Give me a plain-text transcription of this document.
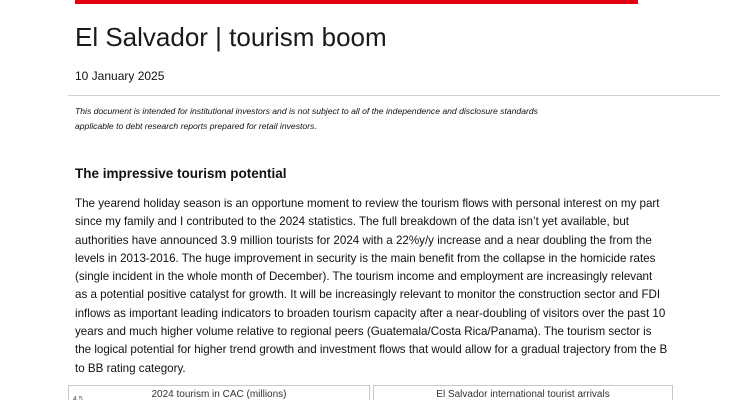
El Salvador | tourism boom
10 January 2025
This document is intended for institutional investors and is not subject to all of the independence and disclosure standards
applicable to debt research reports prepared for retail investors.
The impressive tourism potential
The yearend holiday season is an opportune moment to review the tourism flows with personal interest on my part
since my family and I contributed to the 2024 statistics. The full breakdown of the data isn’t yet available, but
authorities have announced 3.9 million tourists for 2024 with a 22%y/y increase and a near doubling the from the
levels in 2013-2016. The huge improvement in security is the main benefit from the collapse in the homicide rates
(single incident in the whole month of December). The tourism income and employment are increasingly relevant
as a potential positive catalyst for growth. It will be increasingly relevant to monitor the construction sector and FDI
inflows as important leading indicators to broaden tourism capacity after a near-doubling of visitors over the past 10
years and much higher volume relative to regional peers (Guatemala/Costa Rica/Panama). The tourism sector is
the logical potential for higher trend growth and investment flows that would allow for a gradual trajectory from the B
to BB rating category.
2024 tourism in CAC (millions)
4.5	El Salvador international tourist arrivals
